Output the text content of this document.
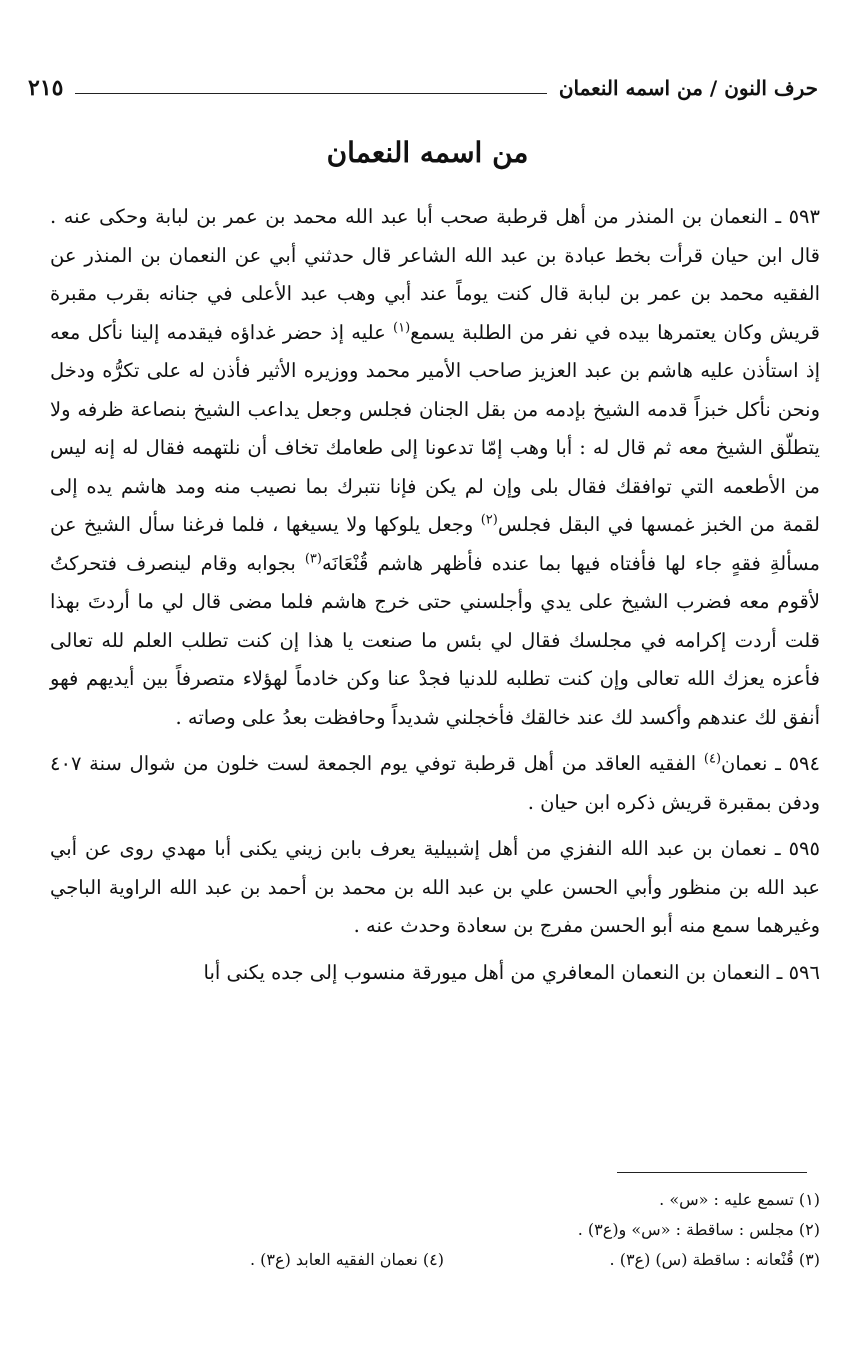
حرف النون / من اسمه النعمان
٢١٥
من اسمه النعمان

٥٩٣ ـ النعمان بن المنذر من أهل قرطبة صحب أبا عبد الله محمد بن عمر بن لبابة وحكى عنه . قال ابن حيان قرأت بخط عبادة بن عبد الله الشاعر قال حدثني أبي عن النعمان بن المنذر عن الفقيه محمد بن عمر بن لبابة قال كنت يوماً عند أبي وهب عبد الأعلى في جنانه بقرب مقبرة قريش وكان يعتمرها بيده في نفر من الطلبة يسمع$^{(١)}$ عليه إذ حضر غداؤه فيقدمه إلينا نأكل معه إذ استأذن عليه هاشم بن عبد العزيز صاحب الأمير محمد ووزيره الأثير فأذن له على تكرُّه ودخل ونحن نأكل خبزاً قدمه الشيخ بإدمه من بقل الجنان فجلس وجعل يداعب الشيخ بنصاعة ظرفه ولا يتطلّق الشيخ معه ثم قال له : أبا وهب إمّا تدعونا إلى طعامك تخاف أن نلتهمه فقال له إنه ليس من الأطعمه التي توافقك فقال بلى وإن لم يكن فإنا نتبرك بما نصيب منه ومد هاشم يده إلى لقمة من الخبز غمسها في البقل فجلس$^{(٢)}$ وجعل يلوكها ولا يسيغها ، فلما فرغنا سأل الشيخ عن مسألةِ فقهٍ جاء لها فأفتاه فيها بما عنده فأظهر هاشم قُنْعَانَه$^{(٣)}$ بجوابه وقام لينصرف فتحركتُ لأقوم معه فضرب الشيخ على يدي وأجلسني حتى خرج هاشم فلما مضى قال لي ما أردتَ بهذا قلت أردت إكرامه في مجلسك فقال لي بئس ما صنعت يا هذا إن كنت تطلب العلم لله تعالى فأعزه يعزك الله تعالى وإن كنت تطلبه للدنيا فجدْ عنا وكن خادماً لهؤلاء متصرفاً بين أيديهم فهو أنفق لك عندهم وأكسد لك عند خالقك فأخجلني شديداً وحافظت بعدُ على وصاته .

٥٩٤ ـ نعمان$^{(٤)}$ الفقيه العاقد من أهل قرطبة توفي يوم الجمعة لست خلون من شوال سنة ٤٠٧ ودفن بمقبرة قريش ذكره ابن حيان .

٥٩٥ ـ نعمان بن عبد الله النفزي من أهل إشبيلية يعرف بابن زيني يكنى أبا مهدي روى عن أبي عبد الله بن منظور وأبي الحسن علي بن عبد الله بن محمد بن أحمد بن عبد الله الراوية الباجي وغيرهما سمع منه أبو الحسن مفرج بن سعادة وحدث عنه .

٥٩٦ ـ النعمان بن النعمان المعافري من أهل ميورقة منسوب إلى جده يكنى أبا

(١) تسمع عليه : «س» .
(٢) مجلس : ساقطة : «س» و(ع٣) .
(٣) قُنْعانه : ساقطة (س) (ع٣) .
(٤) نعمان الفقيه العابد (ع٣) .
